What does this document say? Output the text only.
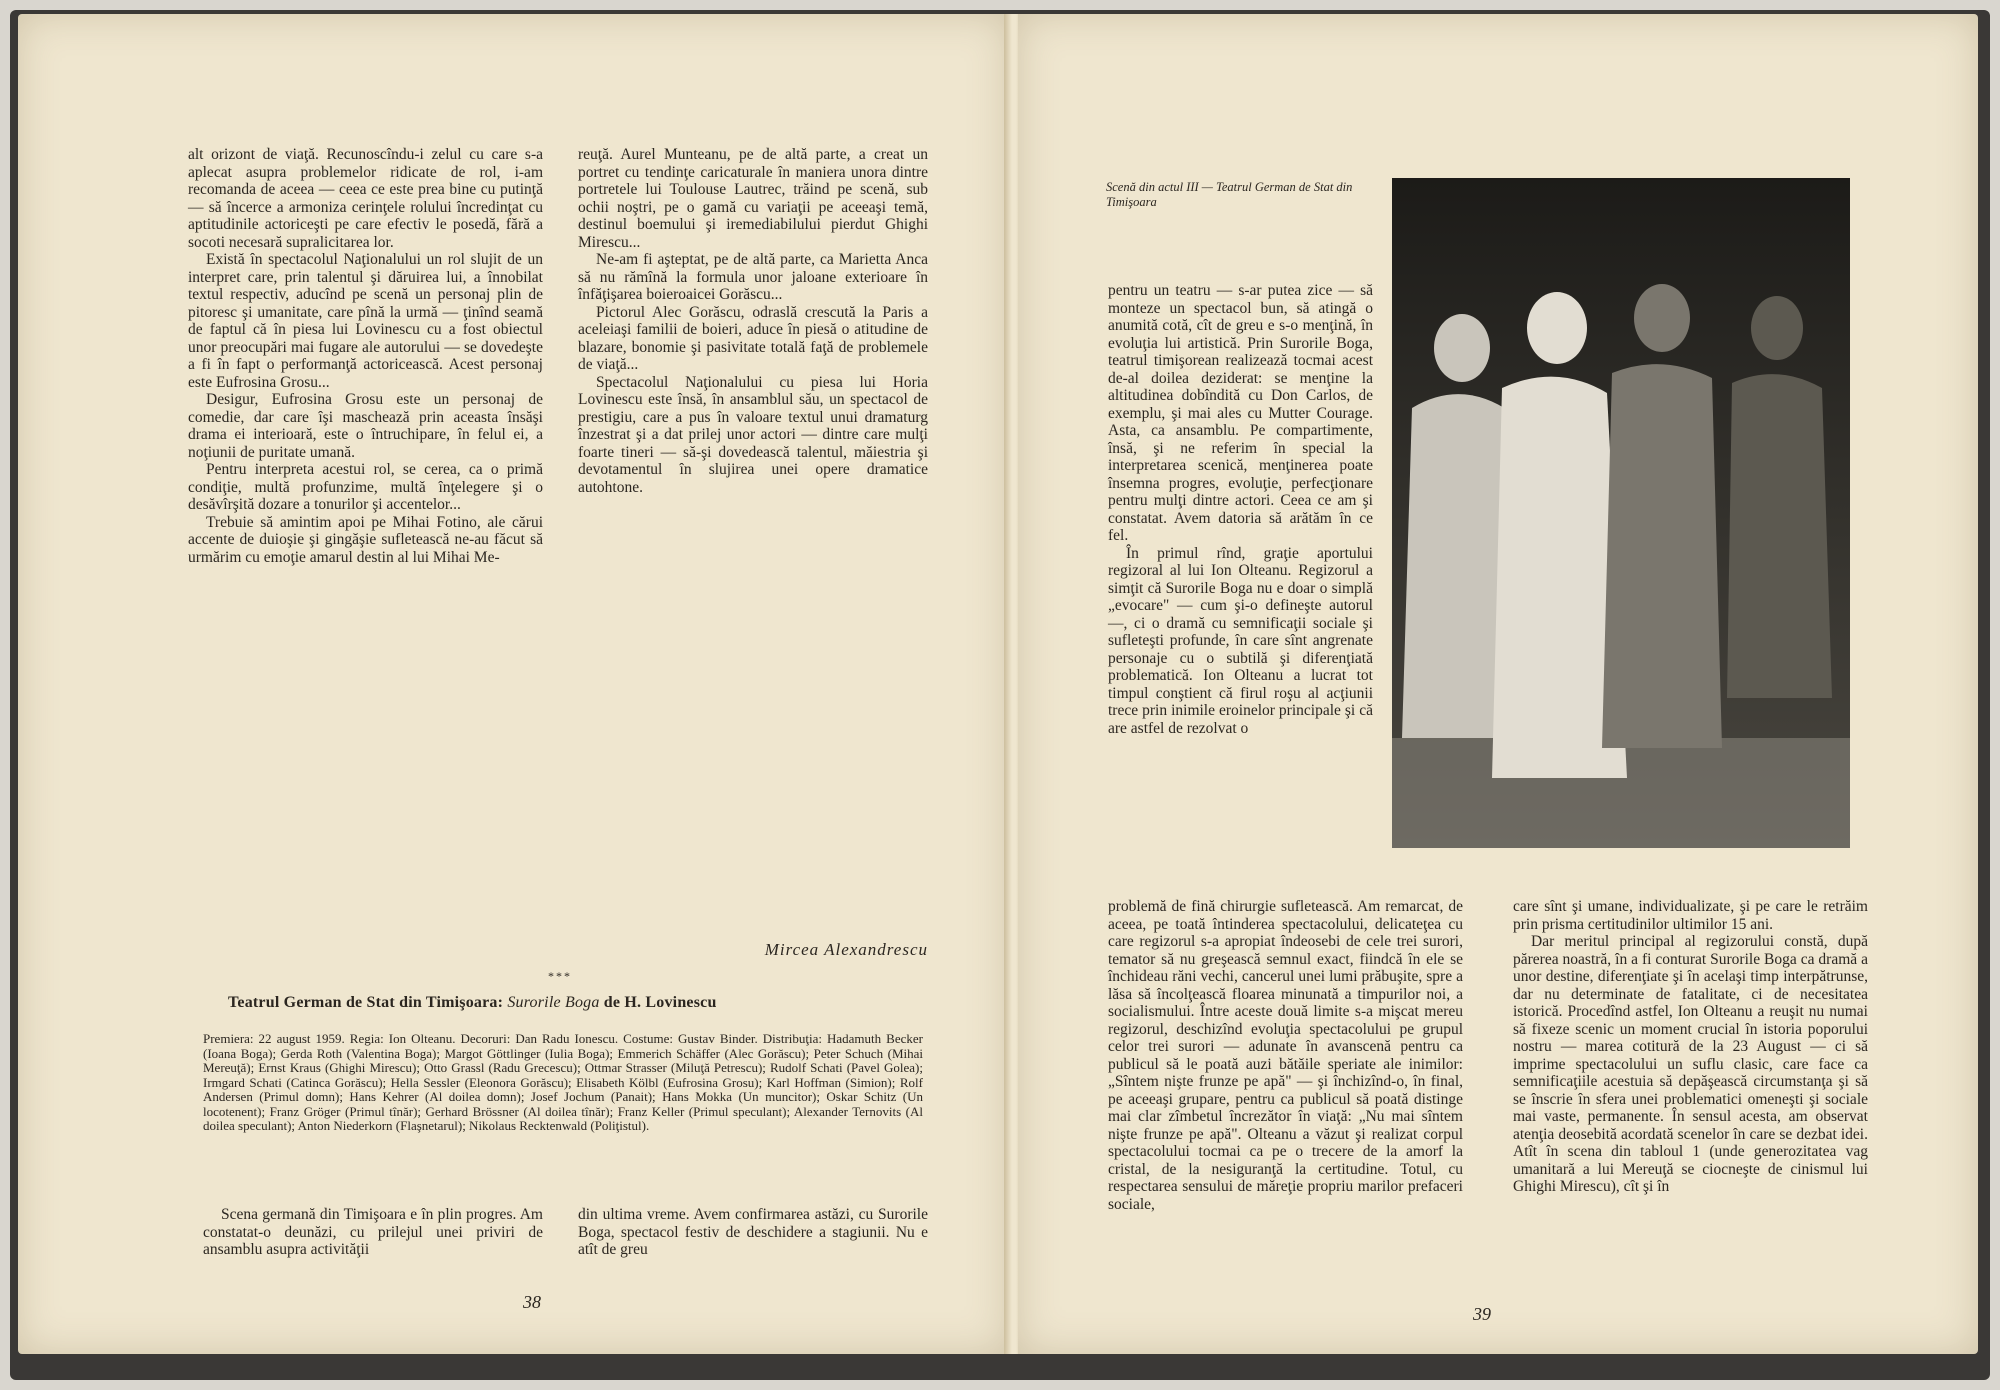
alt orizont de viaţă. Recunoscîndu-i zelul cu care s-a aplecat asupra problemelor ridicate de rol, i-am recomanda de aceea — ceea ce este prea bine cu putinţă — să încerce a armoniza cerinţele rolului încredinţat cu aptitudinile actoriceşti pe care efectiv le posedă, fără a socoti necesară supralicitarea lor.

Există în spectacolul Naţionalului un rol slujit de un interpret care, prin talentul şi dăruirea lui, a înnobilat textul respectiv, aducînd pe scenă un personaj plin de pitoresc şi umanitate, care pînă la urmă — ţinînd seamă de faptul că în piesa lui Lovinescu cu a fost obiectul unor preocupări mai fugare ale autorului — se dovedeşte a fi în fapt o performanţă actoricească. Acest personaj este Eufrosina Grosu...

Desigur, Eufrosina Grosu este un personaj de comedie, dar care îşi maschează prin aceasta însăşi drama ei interioară, este o întruchipare, în felul ei, a noţiunii de puritate umană.

Pentru interpreta acestui rol, se cerea, ca o primă condiţie, multă profunzime, multă înţelegere şi o desăvîrşită dozare a tonurilor şi accentelor...

Trebuie să amintim apoi pe Mihai Fotino, ale cărui accente de duioşie şi gingăşie sufletească ne-au făcut să urmărim cu emoţie amarul destin al lui Mihai Me-

reuţă. Aurel Munteanu, pe de altă parte, a creat un portret cu tendinţe caricaturale în maniera unora dintre portretele lui Toulouse Lautrec, trăind pe scenă, sub ochii noştri, pe o gamă cu variaţii pe aceeaşi temă, destinul boemului şi iremediabilului pierdut Ghighi Mirescu...

Ne-am fi aşteptat, pe de altă parte, ca Marietta Anca să nu rămînă la formula unor jaloane exterioare în înfăţişarea boieroaicei Gorăscu...

Pictorul Alec Gorăscu, odraslă crescută la Paris a aceleiaşi familii de boieri, aduce în piesă o atitudine de blazare, bonomie şi pasivitate totală faţă de problemele de viaţă...

Spectacolul Naţionalului cu piesa lui Horia Lovinescu este însă, în ansamblul său, un spectacol de prestigiu, care a pus în valoare textul unui dramaturg înzestrat şi a dat prilej unor actori — dintre care mulţi foarte tineri — să-şi dovedească talentul, măiestria şi devotamentul în slujirea unei opere dramatice autohtone.

Mircea Alexandrescu
***
Teatrul German de Stat din Timişoara: Surorile Boga de H. Lovinescu
Premiera: 22 august 1959. Regia: Ion Olteanu. Decoruri: Dan Radu Ionescu. Costume: Gustav Binder. Distribuţia: Hadamuth Becker (Ioana Boga); Gerda Roth (Valentina Boga); Margot Göttlinger (Iulia Boga); Emmerich Schäffer (Alec Gorăscu); Peter Schuch (Mihai Mereuţă); Ernst Kraus (Ghighi Mirescu); Otto Grassl (Radu Grecescu); Ottmar Strasser (Miluţă Petrescu); Rudolf Schati (Pavel Golea); Irmgard Schati (Catinca Gorăscu); Hella Sessler (Eleonora Gorăscu); Elisabeth Kölbl (Eufrosina Grosu); Karl Hoffman (Simion); Rolf Andersen (Primul domn); Hans Kehrer (Al doilea domn); Josef Jochum (Panait); Hans Mokka (Un muncitor); Oskar Schitz (Un locotenent); Franz Gröger (Primul tînăr); Gerhard Brössner (Al doilea tînăr); Franz Keller (Primul speculant); Alexander Ternovits (Al doilea speculant); Anton Niederkorn (Flaşnetarul); Nikolaus Recktenwald (Poliţistul).

Scena germană din Timişoara e în plin progres. Am constatat-o deunăzi, cu prilejul unei priviri de ansamblu asupra activităţii

din ultima vreme. Avem confirmarea astăzi, cu Surorile Boga, spectacol festiv de deschidere a stagiunii. Nu e atît de greu

38
Scenă din actul III — Teatrul German de Stat din Timişoara

pentru un teatru — s-ar putea zice — să monteze un spectacol bun, să atingă o anumită cotă, cît de greu e s-o menţină, în evoluţia lui artistică. Prin Surorile Boga, teatrul timişorean realizează tocmai acest de-al doilea deziderat: se menţine la altitudinea dobîndită cu Don Carlos, de exemplu, şi mai ales cu Mutter Courage. Asta, ca ansamblu. Pe compartimente, însă, şi ne referim în special la interpretarea scenică, menţinerea poate însemna progres, evoluţie, perfecţionare pentru mulţi dintre actori. Ceea ce am şi constatat. Avem datoria să arătăm în ce fel.

În primul rînd, graţie aportului regizoral al lui Ion Olteanu. Regizorul a simţit că Surorile Boga nu e doar o simplă „evocare" — cum şi-o defineşte autorul —, ci o dramă cu semnificaţii sociale şi sufleteşti profunde, în care sînt angrenate personaje cu o subtilă şi diferenţiată problematică. Ion Olteanu a lucrat tot timpul conştient că firul roşu al acţiunii trece prin inimile eroinelor principale şi că are astfel de rezolvat o

problemă de fină chirurgie sufletească. Am remarcat, de aceea, pe toată întinderea spectacolului, delicateţea cu care regizorul s-a apropiat îndeosebi de cele trei surori, temator să nu greşească semnul exact, fiindcă în ele se închideau răni vechi, cancerul unei lumi prăbuşite, spre a lăsa să încolţească floarea minunată a timpurilor noi, a socialismului. Între aceste două limite s-a mişcat mereu regizorul, deschizînd evoluţia spectacolului pe grupul celor trei surori — adunate în avanscenă pentru ca publicul să le poată auzi bătăile speriate ale inimilor: „Sîntem nişte frunze pe apă" — şi închizînd-o, în final, pe aceeaşi grupare, pentru ca publicul să poată distinge mai clar zîmbetul încrezător în viaţă: „Nu mai sîntem nişte frunze pe apă". Olteanu a văzut şi realizat corpul spectacolului tocmai ca pe o trecere de la amorf la cristal, de la nesiguranţă la certitudine. Totul, cu respectarea sensului de măreţie propriu marilor prefaceri sociale,

care sînt şi umane, individualizate, şi pe care le retrăim prin prisma certitudinilor ultimilor 15 ani.

Dar meritul principal al regizorului constă, după părerea noastră, în a fi conturat Surorile Boga ca dramă a unor destine, diferenţiate şi în acelaşi timp interpătrunse, dar nu determinate de fatalitate, ci de necesitatea istorică. Procedînd astfel, Ion Olteanu a reuşit nu numai să fixeze scenic un moment crucial în istoria poporului nostru — marea cotitură de la 23 August — ci să imprime spectacolului un suflu clasic, care face ca semnificaţiile acestuia să depăşească circumstanţa şi să se înscrie în sfera unei problematici omeneşti şi sociale mai vaste, permanente. În sensul acesta, am observat atenţia deosebită acordată scenelor în care se dezbat idei. Atît în scena din tabloul 1 (unde generozitatea vag umanitară a lui Mereuţă se ciocneşte de cinismul lui Ghighi Mirescu), cît şi în

39
